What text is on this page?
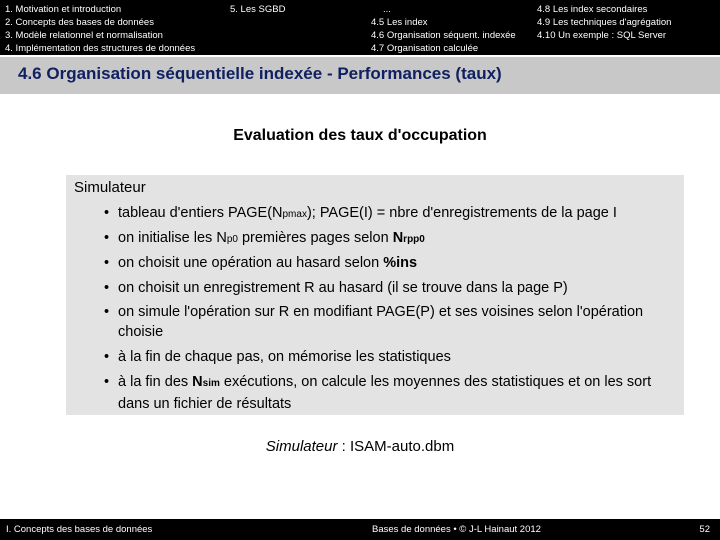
1. Motivation et introduction
2. Concepts des bases de données
3. Modèle relationnel et normalisation
4. Implémentation des structures de données
5. Les SGBD	...
4.5 Les index
4.6 Organisation séquent. indexée
4.7 Organisation calculée
4.8 Les index secondaires
4.9 Les techniques d'agrégation
4.10 Un exemple : SQL Server
4.6 Organisation séquentielle indexée - Performances (taux)
Evaluation des taux d'occupation
Simulateur
• tableau d'entiers PAGE(Npmax); PAGE(I) = nbre d'enregistrements de la page I
• on initialise les Np0 premières pages selon Nrpp0
• on choisit une opération au hasard selon %ins
• on choisit un enregistrement R au hasard (il se trouve dans la page P)
• on simule l'opération sur R en modifiant PAGE(P) et ses voisines selon l'opération choisie
• à la fin de chaque pas, on mémorise les statistiques
• à la fin des Nsim exécutions, on calcule les moyennes des statistiques et on les sort dans un fichier de résultats
Simulateur : ISAM-auto.dbm
I. Concepts des bases de données	Bases de données • © J-L Hainaut 2012	52
